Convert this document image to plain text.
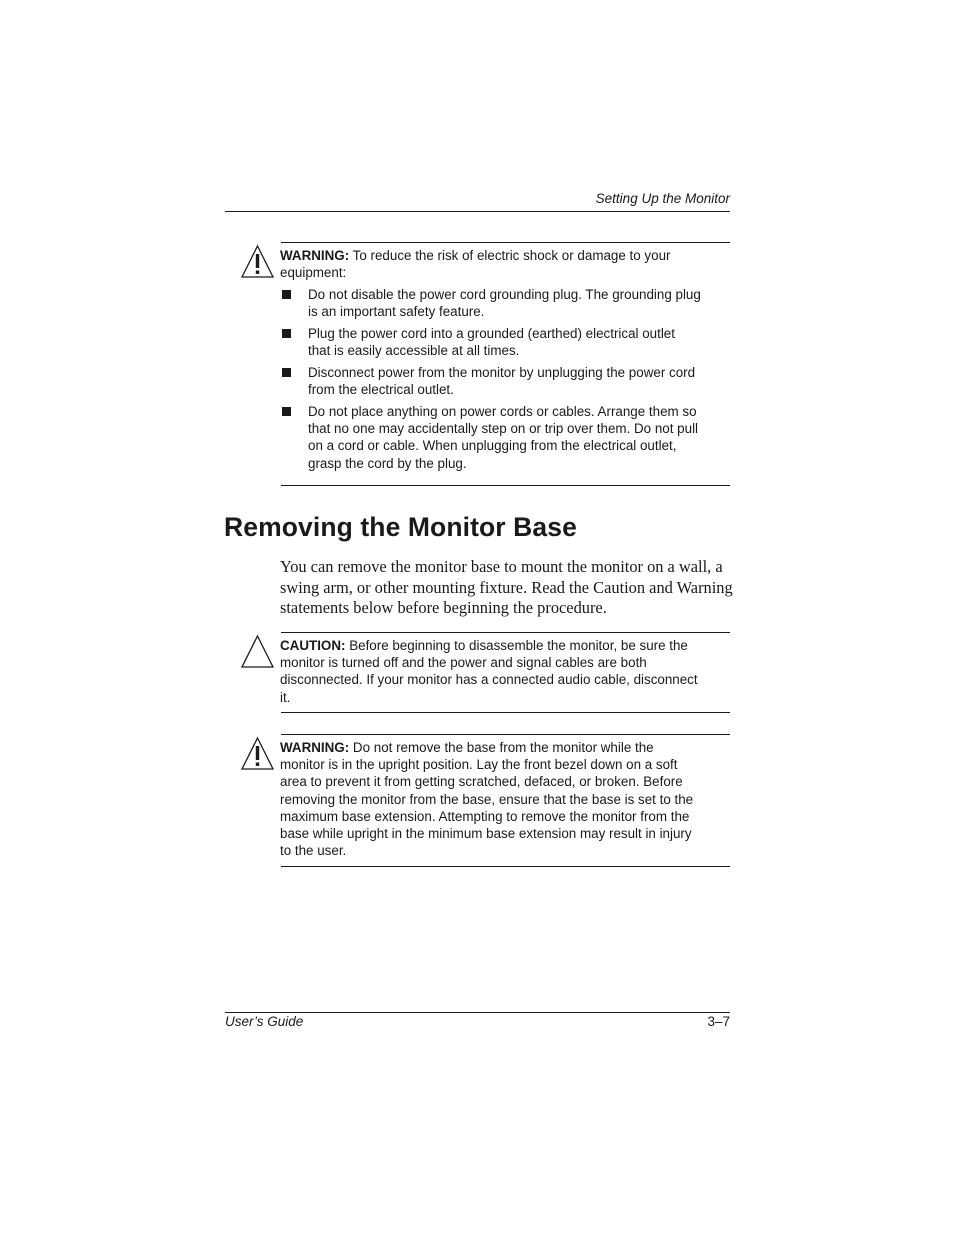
Setting Up the Monitor
WARNING: To reduce the risk of electric shock or damage to your equipment:
Do not disable the power cord grounding plug. The grounding plug is an important safety feature.
Plug the power cord into a grounded (earthed) electrical outlet that is easily accessible at all times.
Disconnect power from the monitor by unplugging the power cord from the electrical outlet.
Do not place anything on power cords or cables. Arrange them so that no one may accidentally step on or trip over them. Do not pull on a cord or cable. When unplugging from the electrical outlet, grasp the cord by the plug.
Removing the Monitor Base
You can remove the monitor base to mount the monitor on a wall, a swing arm, or other mounting fixture. Read the Caution and Warning statements below before beginning the procedure.
CAUTION: Before beginning to disassemble the monitor, be sure the monitor is turned off and the power and signal cables are both disconnected. If your monitor has a connected audio cable, disconnect it.
WARNING: Do not remove the base from the monitor while the monitor is in the upright position. Lay the front bezel down on a soft area to prevent it from getting scratched, defaced, or broken. Before removing the monitor from the base, ensure that the base is set to the maximum base extension. Attempting to remove the monitor from the base while upright in the minimum base extension may result in injury to the user.
User’s Guide	3–7
